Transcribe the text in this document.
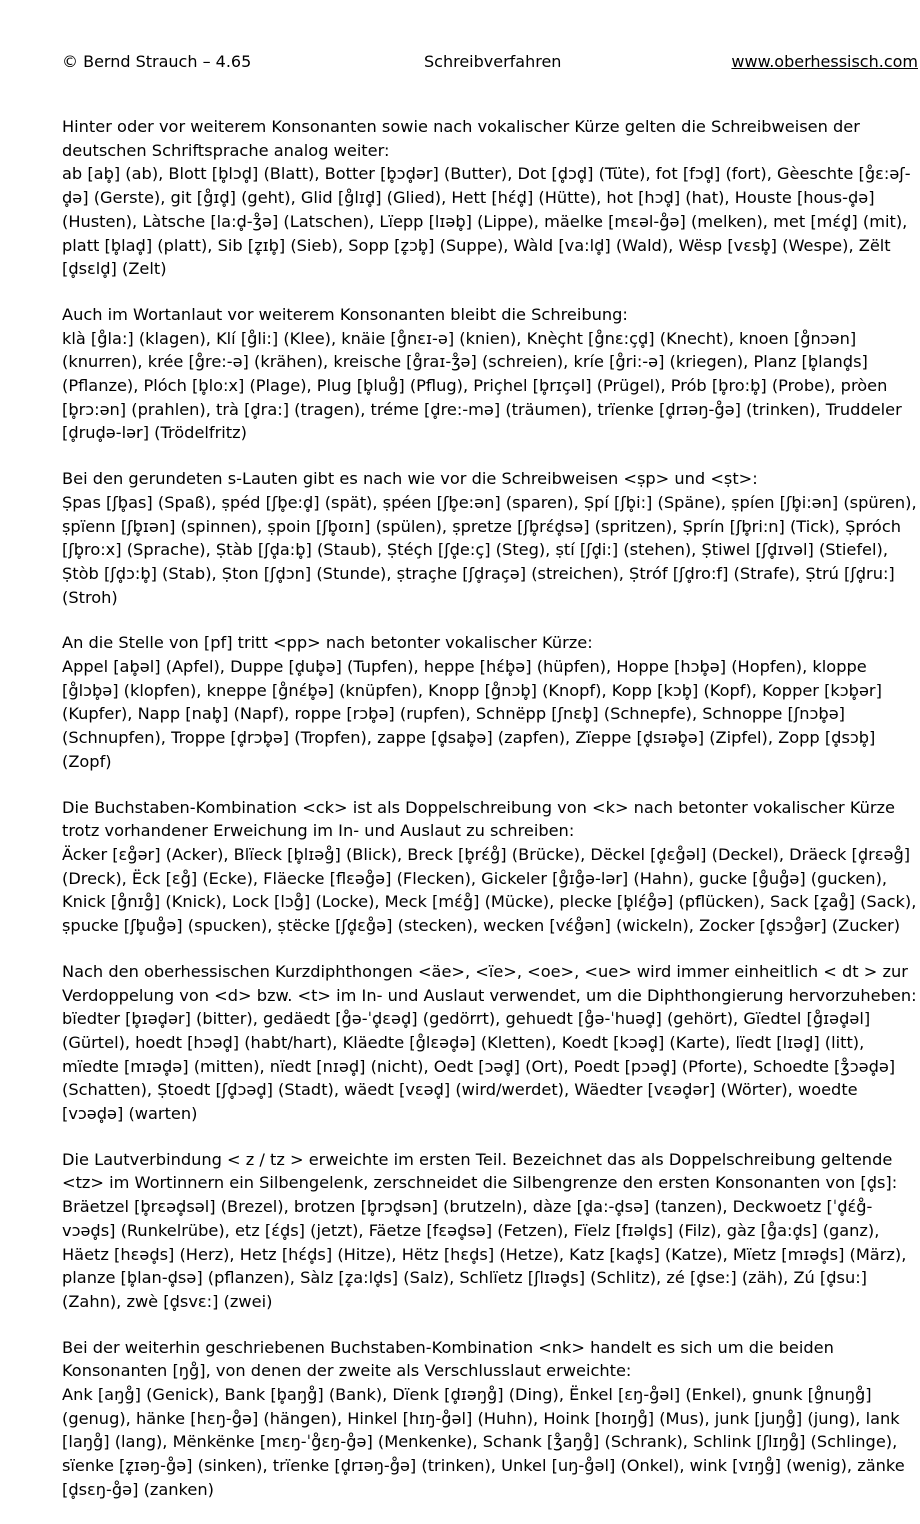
© Bernd Strauch – 4.65	Schreibverfahren	www.oberhessisch.com

Hinter oder vor weiterem Konsonanten sowie nach vokalischer Kürze gelten die Schreibweisen der deutschen Schriftsprache analog weiter:

ab [ab̥] (ab), Blott [b̥lɔd̥] (Blatt), Botter [b̥ɔd̥ər] (Butter), Dot [d̥ɔd̥] (Tüte), fot [fɔd̥] (fort), Gèeschte [g̊ɛ:əʃ-d̥ə] (Gerste), git [g̊ɪd̥] (geht), Glid [g̊lɪd̥] (Glied), Hett [hɛ́d̥] (Hütte), hot [hɔd̥] (hat), Houste [hous-d̥ə] (Husten), Làtsche [la:d̥-ʒ̊ə] (Latschen), Lïepp [lɪəb̥] (Lippe), mäelke [mɛəl-g̊ə] (melken), met [mɛ́d̥] (mit), platt [b̥lad̥] (platt), Sib [z̥ɪb̥] (Sieb), Sopp [z̥ɔb̥] (Suppe), Wàld [va:ld̥] (Wald), Wësp [vɛsb̥] (Wespe), Zëlt [d̥sɛld̥] (Zelt)

Auch im Wortanlaut vor weiterem Konsonanten bleibt die Schreibung:

klà [g̊la:] (klagen), Klí [g̊li:] (Klee), knäie [g̊nɛɪ-ə] (knien), Knèçht [g̊nɛ:çd̥] (Knecht), knoen [g̊nɔən] (knurren), krée [g̊re:-ə] (krähen), kreische [g̊raɪ-ʒ̊ə] (schreien), kríe [g̊ri:-ə] (kriegen), Planz [b̥land̥s] (Pflanze), Plóch [b̥lo:x] (Plage), Plug [b̥lug̊] (Pflug), Priçhel [b̥rɪçəl] (Prügel), Prób [b̥ro:b̥] (Probe), pròen [b̥rɔ:ən] (prahlen), trà [d̥ra:] (tragen), tréme [d̥re:-mə] (träumen), trïenke [d̥rɪəŋ-g̊ə] (trinken), Truddeler [d̥rud̥ə-lər] (Trödelfritz)

Bei den gerundeten s-Lauten gibt es nach wie vor die Schreibweisen <ṣp> und <ṣt>:

Ṣpas [ʃb̥as] (Spaß), ṣpéd [ʃb̥e:d̥] (spät), ṣpéen [ʃb̥e:ən] (sparen), Ṣpí [ʃb̥i:] (Späne), ṣpíen [ʃb̥i:ən] (spüren), ṣpïenn [ʃb̥ɪən] (spinnen), ṣpoin [ʃb̥oɪn] (spülen), ṣpretze [ʃb̥rɛ́d̥sə] (spritzen), Ṣprín [ʃb̥ri:n] (Tick), Ṣpróch [ʃb̥ro:x] (Sprache), Ṣtàb [ʃd̥a:b̥] (Staub), Ṣtéçh [ʃd̥e:ç] (Steg), ṣtí [ʃd̥i:] (stehen), Ṣtiwel [ʃd̥ɪvəl] (Stiefel), Ṣtòb [ʃd̥ɔ:b̥] (Stab), Ṣton [ʃd̥ɔn] (Stunde), ṣtraçhe [ʃd̥raçə] (streichen), Ṣtróf [ʃd̥ro:f] (Strafe), Ṣtrú [ʃd̥ru:] (Stroh)

An die Stelle von [pf] tritt <pp> nach betonter vokalischer Kürze:

Appel [ab̥əl] (Apfel), Duppe [d̥ub̥ə] (Tupfen), heppe [hɛ́b̥ə] (hüpfen), Hoppe [hɔb̥ə] (Hopfen), kloppe [g̊lɔb̥ə] (klopfen), kneppe [g̊nɛ́b̥ə] (knüpfen), Knopp [g̊nɔb̥] (Knopf), Kopp [kɔb̥] (Kopf), Kopper [kɔb̥ər] (Kupfer), Napp [nab̥] (Napf), roppe [rɔb̥ə] (rupfen), Schnëpp [ʃnɛb̥] (Schnepfe), Schnoppe [ʃnɔb̥ə] (Schnupfen), Troppe [d̥rɔb̥ə] (Tropfen), zappe [d̥sab̥ə] (zapfen), Zïeppe [d̥sɪəb̥ə] (Zipfel), Zopp [d̥sɔb̥] (Zopf)

Die Buchstaben-Kombination <ck> ist als Doppelschreibung von <k> nach betonter vokalischer Kürze trotz vorhandener Erweichung im In- und Auslaut zu schreiben:

Äcker [ɛg̊ər] (Acker), Blïeck [b̥lɪəg̊] (Blick), Breck [b̥rɛ́g̊] (Brücke), Dëckel [d̥ɛg̊əl] (Deckel), Dräeck [d̥rɛəg̊] (Dreck), Ëck [ɛg̊] (Ecke), Fläecke [flɛəg̊ə] (Flecken), Gickeler [g̊ɪg̊ə-lər] (Hahn), gucke [g̊ug̊ə] (gucken), Knick [g̊nɪg̊] (Knick), Lock [lɔg̊] (Locke), Meck [mɛ́g̊] (Mücke), plecke [b̥lɛ́g̊ə] (pflücken), Sack [z̥ag̊] (Sack), ṣpucke [ʃb̥ug̊ə] (spucken), ṣtëcke [ʃd̥ɛg̊ə] (stecken), wecken [vɛ́g̊ən] (wickeln), Zocker [d̥sɔg̊ər] (Zucker)

Nach den oberhessischen Kurzdiphthongen <äe>, <ïe>, <oe>, <ue> wird immer einheitlich < dt > zur Verdoppelung von <d> bzw. <t> im In- und Auslaut verwendet, um die Diphthongierung hervorzuheben:

bïedter [b̥ɪəd̥ər] (bitter), gedäedt [g̊ə-ˈd̥ɛəd̥] (gedörrt), gehuedt [g̊ə-ˈhuəd̥] (gehört), Gïedtel [g̊ɪəd̥əl] (Gürtel), hoedt [hɔəd̥] (habt/hart), Kläedte [g̊lɛəd̥ə] (Kletten), Koedt [kɔəd̥] (Karte), lïedt [lɪəd̥] (litt), mïedte [mɪəd̥ə] (mitten), nïedt [nɪəd̥] (nicht), Oedt [ɔəd̥] (Ort), Poedt [pɔəd̥] (Pforte), Schoedte [ʒ̊ɔəd̥ə] (Schatten), Ṣtoedt [ʃd̥ɔəd̥] (Stadt), wäedt [vɛəd̥] (wird/werdet), Wäedter [vɛəd̥ər] (Wörter), woedte [vɔəd̥ə] (warten)

Die Lautverbindung < z / tz > erweichte im ersten Teil. Bezeichnet das als Doppelschreibung geltende <tz> im Wortinnern ein Silbengelenk, zerschneidet die Silbengrenze den ersten Konsonanten von [d̥s]:

Bräetzel [b̥rɛəd̥səl] (Brezel), brotzen [b̥rɔd̥sən] (brutzeln), dàze [d̥a:-d̥sə] (tanzen), Deckwoetz [ˈd̥ɛ́g̊-vɔəd̥s] (Runkelrübe), etz [ɛ́d̥s] (jetzt), Fäetze [fɛəd̥sə] (Fetzen), Fïelz [fɪəld̥s] (Filz), gàz [g̊a:d̥s] (ganz), Häetz [hɛəd̥s] (Herz), Hetz [hɛ́d̥s] (Hitze), Hëtz [hɛd̥s] (Hetze), Katz [kad̥s] (Katze), Mïetz [mɪəd̥s] (März), planze [b̥lan-d̥sə] (pflanzen), Sàlz [z̥a:ld̥s] (Salz), Schlïetz [ʃlɪəd̥s] (Schlitz), zé [d̥se:] (zäh), Zú [d̥su:] (Zahn), zwè [d̥svɛ:] (zwei)

Bei der weiterhin geschriebenen Buchstaben-Kombination <nk> handelt es sich um die beiden Konsonanten [ŋg̊], von denen der zweite als Verschlusslaut erweichte:

Ank [aŋg̊] (Genick), Bank [b̥aŋg̊] (Bank), Dïenk [d̥ɪəŋg̊] (Ding), Ënkel [ɛŋ-g̊əl] (Enkel), gnunk [g̊nuŋg̊] (genug), hänke [hɛŋ-g̊ə] (hängen), Hinkel [hɪŋ-g̊əl] (Huhn), Hoink [hoɪŋg̊] (Mus), junk [juŋg̊] (jung), lank [laŋg̊] (lang), Mënkënke [mɛŋ-ˈg̊ɛŋ-g̊ə] (Menkenke), Schank [ʒ̊aŋg̊] (Schrank), Schlink [ʃlɪŋg̊] (Schlinge), sïenke [z̥ɪəŋ-g̊ə] (sinken), trïenke [d̥rɪəŋ-g̊ə] (trinken), Unkel [uŋ-g̊əl] (Onkel), wink [vɪŋg̊] (wenig), zänke [d̥sɛŋ-g̊ə] (zanken)
